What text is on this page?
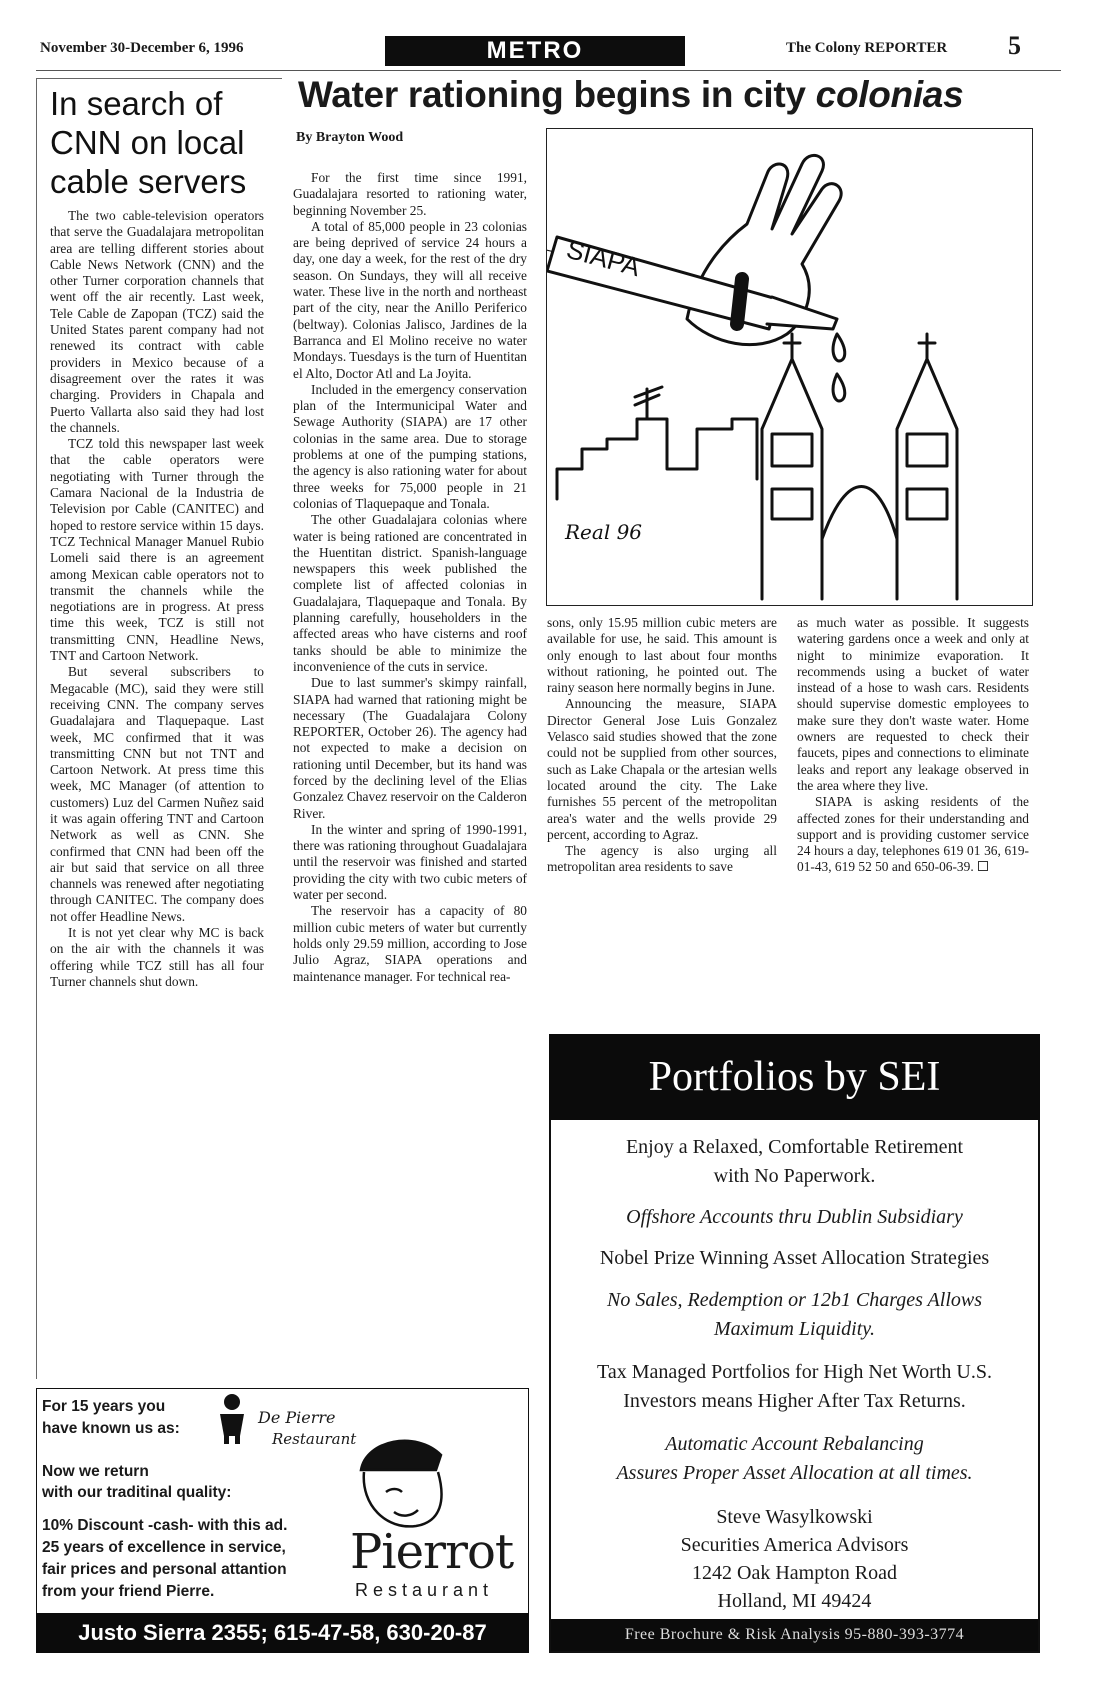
November 30-December 6, 1996	METRO	The Colony REPORTER 5
In search of CNN on local cable servers

The two cable-television operators that serve the Guadalajara metropolitan area are telling different stories about Cable News Network (CNN) and the other Turner corporation channels that went off the air recently. Last week, Tele Cable de Zapopan (TCZ) said the United States parent company had not renewed its contract with cable providers in Mexico because of a disagreement over the rates it was charging. Providers in Chapala and Puerto Vallarta also said they had lost the channels.

TCZ told this newspaper last week that the cable operators were negotiating with Turner through the Camara Nacional de la Industria de Television por Cable (CANITEC) and hoped to restore service within 15 days. TCZ Technical Manager Manuel Rubio Lomeli said there is an agreement among Mexican cable operators not to transmit the channels while the negotiations are in progress. At press time this week, TCZ is still not transmitting CNN, Headline News, TNT and Cartoon Network.

But several subscribers to Megacable (MC), said they were still receiving CNN. The company serves Guadalajara and Tlaquepaque. Last week, MC confirmed that it was transmitting CNN but not TNT and Cartoon Network. At press time this week, MC Manager (of attention to customers) Luz del Carmen Nuñez said it was again offering TNT and Cartoon Network as well as CNN. She confirmed that CNN had been off the air but said that service on all three channels was renewed after negotiating through CANITEC. The company does not offer Headline News.

It is not yet clear why MC is back on the air with the channels it was offering while TCZ still has all four Turner channels shut down.

Water rationing begins in city colonias
By Brayton Wood

For the first time since 1991, Guadalajara resorted to rationing water, beginning November 25.

A total of 85,000 people in 23 colonias are being deprived of service 24 hours a day, one day a week, for the rest of the dry season. On Sundays, they will all receive water. These live in the north and northeast part of the city, near the Anillo Periferico (beltway). Colonias Jalisco, Jardines de la Barranca and El Molino receive no water Mondays. Tuesdays is the turn of Huentitan el Alto, Doctor Atl and La Joyita.

Included in the emergency conservation plan of the Intermunicipal Water and Sewage Authority (SIAPA) are 17 other colonias in the same area. Due to storage problems at one of the pumping stations, the agency is also rationing water for about three weeks for 75,000 people in 21 colonias of Tlaquepaque and Tonala.

The other Guadalajara colonias where water is being rationed are concentrated in the Huentitan district. Spanish-language newspapers this week published the complete list of affected colonias in Guadalajara, Tlaquepaque and Tonala. By planning carefully, householders in the affected areas who have cisterns and roof tanks should be able to minimize the inconvenience of the cuts in service.

Due to last summer's skimpy rainfall, SIAPA had warned that rationing might be necessary (The Guadalajara Colony REPORTER, October 26). The agency had not expected to make a decision on rationing until December, but its hand was forced by the declining level of the Elias Gonzalez Chavez reservoir on the Calderon River.

In the winter and spring of 1990-1991, there was rationing throughout Guadalajara until the reservoir was finished and started providing the city with two cubic meters of water per second.

The reservoir has a capacity of 80 million cubic meters of water but currently holds only 29.59 million, according to Jose Julio Agraz, SIAPA operations and maintenance manager. For technical rea-

sons, only 15.95 million cubic meters are available for use, he said. This amount is only enough to last about four months without rationing, he pointed out. The rainy season here normally begins in June.

Announcing the measure, SIAPA Director General Jose Luis Gonzalez Velasco said studies showed that the zone could not be supplied from other sources, such as Lake Chapala or the artesian wells located around the city. The Lake furnishes 55 percent of the metropolitan area's water and the wells provide 29 percent, according to Agraz.

The agency is also urging all metropolitan area residents to save

as much water as possible. It suggests watering gardens once a week and only at night to minimize evaporation. It recommends using a bucket of water instead of a hose to wash cars. Residents should supervise domestic employees to make sure they don't waste water. Home owners are requested to check their faucets, pipes and connections to eliminate leaks and report any leakage observed in the area where they live.

SIAPA is asking residents of the affected zones for their understanding and support and is providing customer service 24 hours a day, telephones 619 01 36, 619-01-43, 619 52 50 and 650-06-39.

SIAPA
Real 96
Portfolios by SEI
Enjoy a Relaxed, Comfortable Retirement
with No Paperwork.
Offshore Accounts thru Dublin Subsidiary
Nobel Prize Winning Asset Allocation Strategies
No Sales, Redemption or 12b1 Charges Allows
Maximum Liquidity.
Tax Managed Portfolios for High Net Worth U.S.
Investors means Higher After Tax Returns.
Automatic Account Rebalancing
Assures Proper Asset Allocation at all times.
Steve Wasylkowski
Securities America Advisors
1242 Oak Hampton Road
Holland, MI 49424
Free Brochure & Risk Analysis 95-880-393-3774
For 15 years you
have known us as:
De Pierre
Restaurant
Now we return
with our traditinal quality:
10% Discount -cash- with this ad.
25 years of excellence in service,
fair prices and personal attantion
from your friend Pierre.
Pierrot
Restaurant
Justo Sierra 2355; 615-47-58, 630-20-87
